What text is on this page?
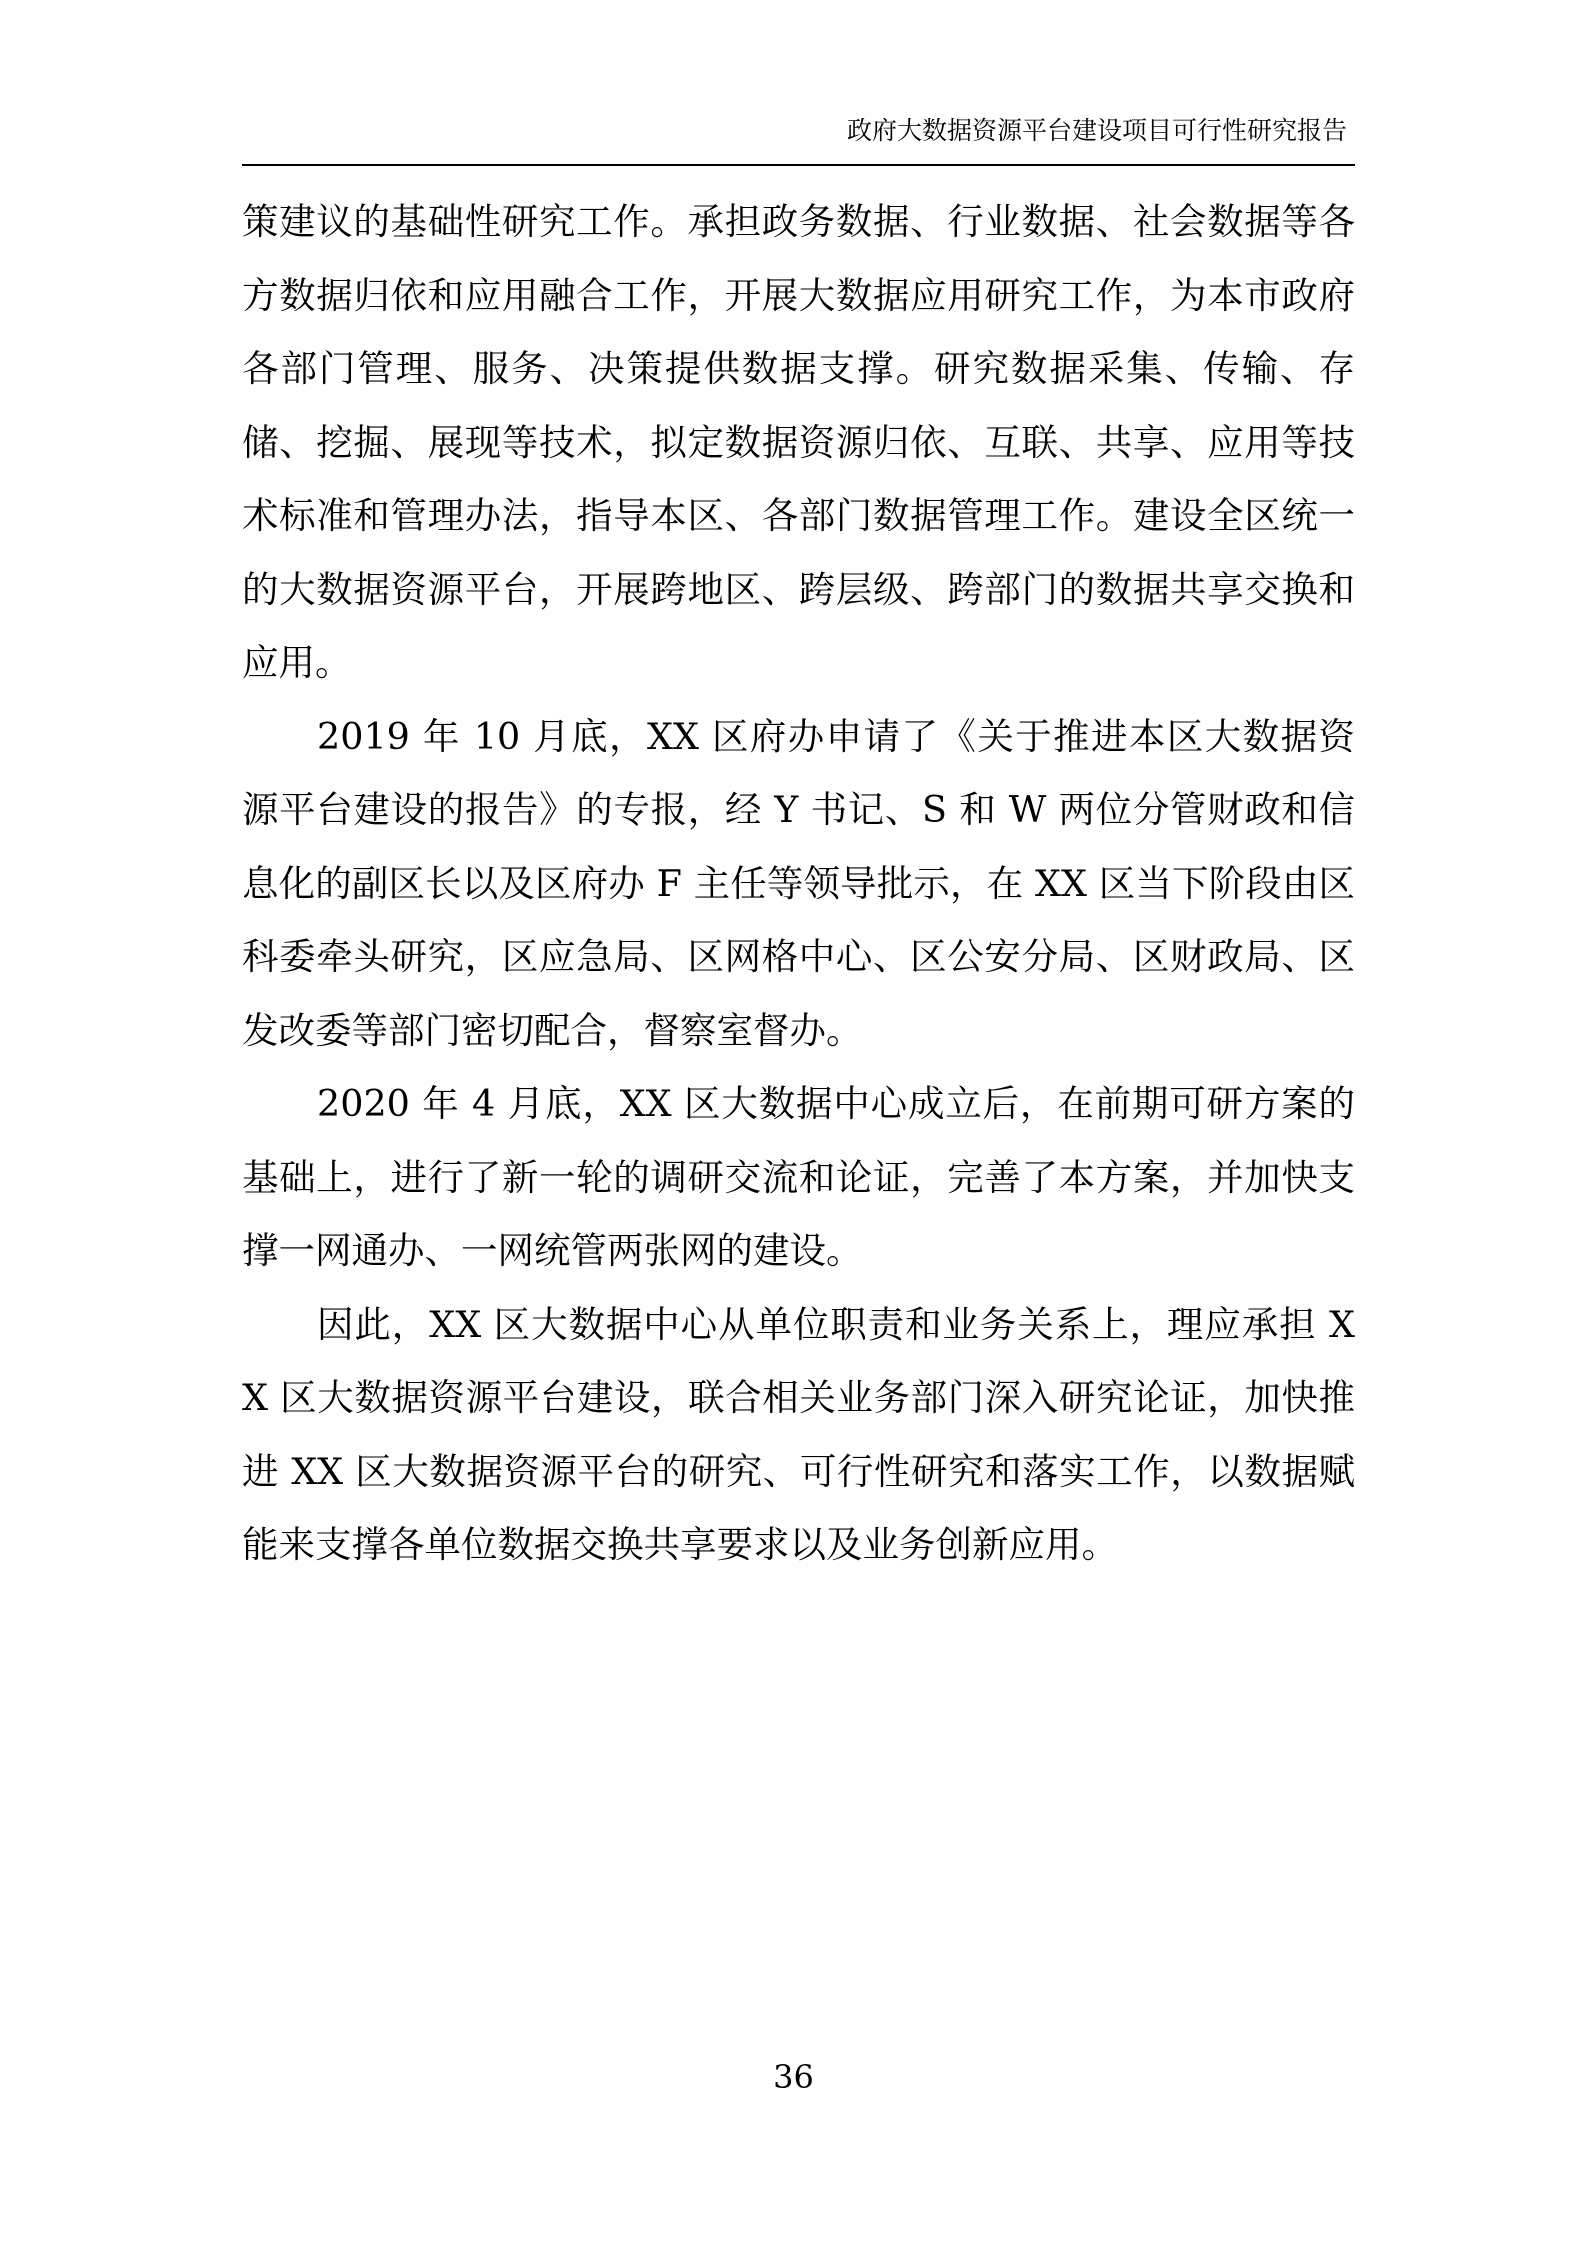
政府大数据资源平台建设项目可行性研究报告

策建议的基础性研究工作。承担政务数据、行业数据、社会数据等各方数据归依和应用融合工作，开展大数据应用研究工作，为本市政府各部门管理、服务、决策提供数据支撑。研究数据采集、传输、存储、挖掘、展现等技术，拟定数据资源归依、互联、共享、应用等技术标准和管理办法，指导本区、各部门数据管理工作。建设全区统一的大数据资源平台，开展跨地区、跨层级、跨部门的数据共享交换和应用。

2019 年 10 月底，XX 区府办申请了《关于推进本区大数据资源平台建设的报告》的专报，经 Y 书记、S 和 W 两位分管财政和信息化的副区长以及区府办 F 主任等领导批示，在 XX 区当下阶段由区科委牵头研究，区应急局、区网格中心、区公安分局、区财政局、区发改委等部门密切配合，督察室督办。

2020 年 4 月底，XX 区大数据中心成立后，在前期可研方案的基础上，进行了新一轮的调研交流和论证，完善了本方案，并加快支撑一网通办、一网统管两张网的建设。

因此，XX 区大数据中心从单位职责和业务关系上，理应承担 XX 区大数据资源平台建设，联合相关业务部门深入研究论证，加快推进 XX 区大数据资源平台的研究、可行性研究和落实工作，以数据赋能来支撑各单位数据交换共享要求以及业务创新应用。

36
